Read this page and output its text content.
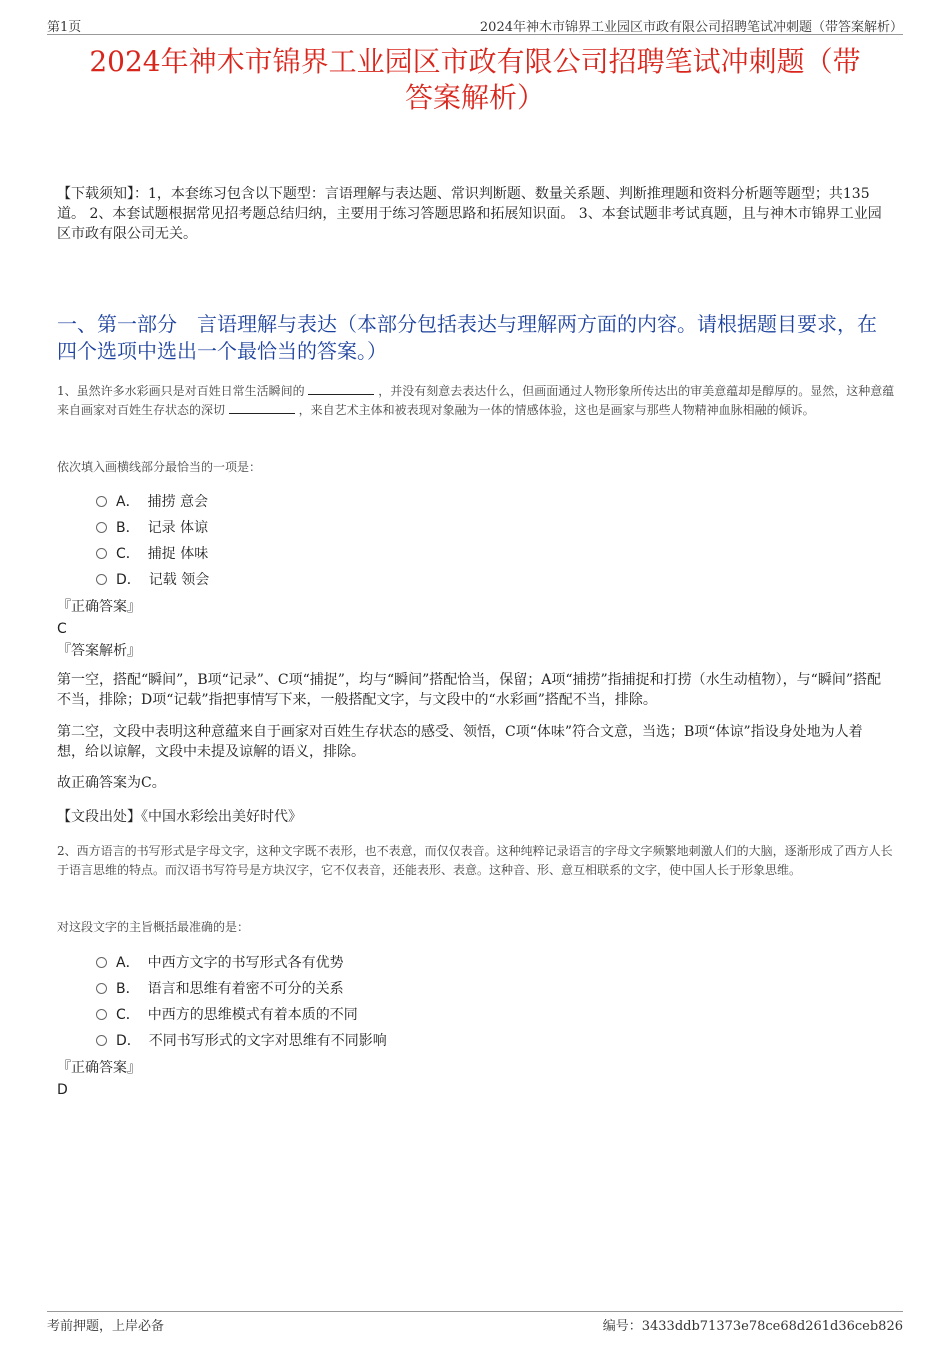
第1页	2024年神木市锦界工业园区市政有限公司招聘笔试冲刺题（带答案解析）
2024年神木市锦界工业园区市政有限公司招聘笔试冲刺题（带
答案解析）
【下载须知】：1，本套练习包含以下题型：言语理解与表达题、常识判断题、数量关系题、判断推理题和资料分析题等题型；共135道。 2、本套试题根据常见招考题总结归纳，主要用于练习答题思路和拓展知识面。 3、本套试题非考试真题，且与神木市锦界工业园区市政有限公司无关。
一、第一部分　言语理解与表达（本部分包括表达与理解两方面的内容。请根据题目要求，在四个选项中选出一个最恰当的答案。）
1、虽然许多水彩画只是对百姓日常生活瞬间的	，并没有刻意去表达什么，但画面通过人物形象所传达出的审美意蕴却是醇厚的。显然，这种意蕴来自画家对百姓生存状态的深切	，来自艺术主体和被表现对象融为一体的情感体验，这也是画家与那些人物精神血脉相融的倾诉。
依次填入画横线部分最恰当的一项是：
A． 捕捞 意会
B． 记录 体谅
C． 捕捉 体味
D． 记载 领会
『正确答案』
C
『答案解析』
第一空，搭配“瞬间”，B项“记录”、C项“捕捉”，均与“瞬间”搭配恰当，保留；A项“捕捞”指捕捉和打捞（水生动植物），与“瞬间”搭配不当，排除；D项“记载”指把事情写下来，一般搭配文字，与文段中的“水彩画”搭配不当，排除。
第二空，文段中表明这种意蕴来自于画家对百姓生存状态的感受、领悟，C项“体味”符合文意，当选；B项“体谅”指设身处地为人着想，给以谅解，文段中未提及谅解的语义，排除。
故正确答案为C。
【文段出处】《中国水彩绘出美好时代》
2、西方语言的书写形式是字母文字，这种文字既不表形，也不表意，而仅仅表音。这种纯粹记录语言的字母文字频繁地刺激人们的大脑，逐渐形成了西方人长于语言思维的特点。而汉语书写符号是方块汉字，它不仅表音，还能表形、表意。这种音、形、意互相联系的文字，使中国人长于形象思维。
对这段文字的主旨概括最准确的是：
A． 中西方文字的书写形式各有优势
B． 语言和思维有着密不可分的关系
C． 中西方的思维模式有着本质的不同
D． 不同书写形式的文字对思维有不同影响
『正确答案』
D
考前押题，上岸必备	编号：3433ddb71373e78ce68d261d36ceb826
